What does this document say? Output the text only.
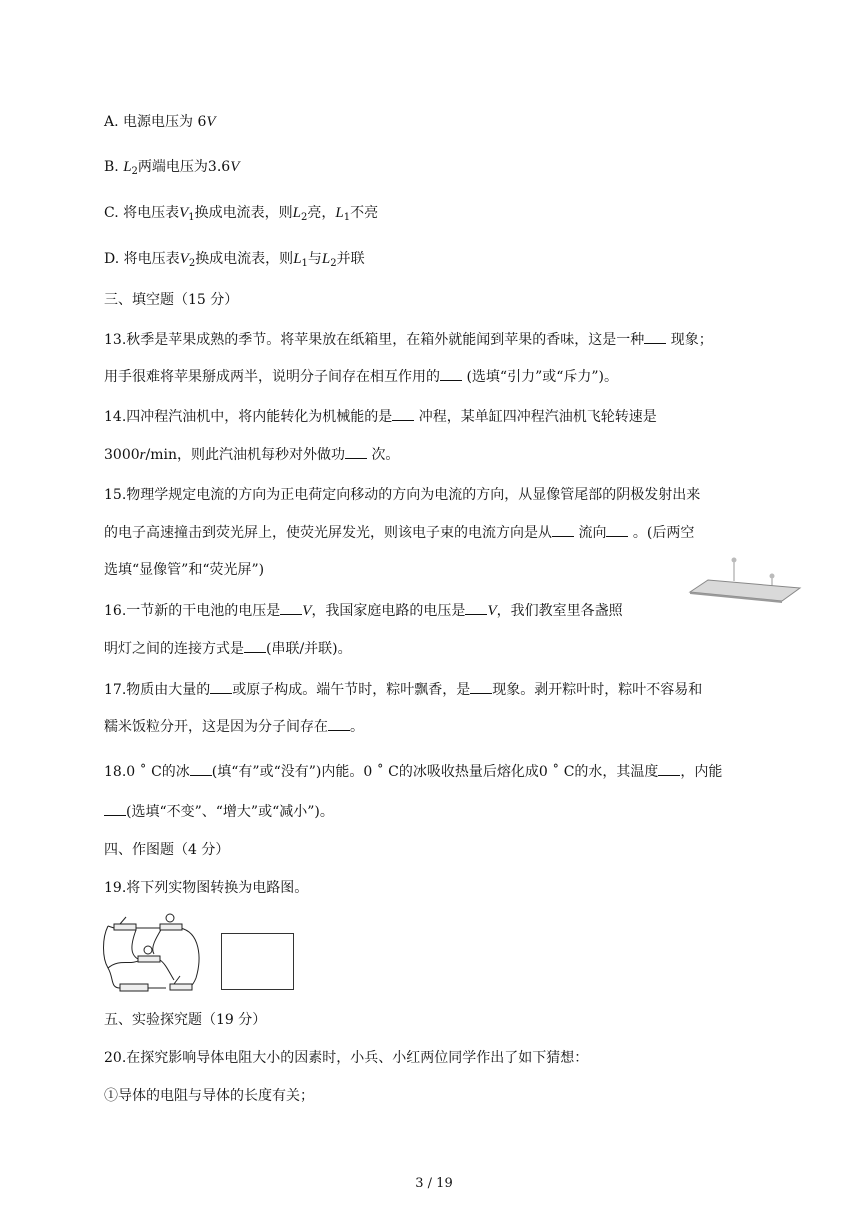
A. 电源电压为 6V
B. $L_2$两端电压为3.6V
C. 将电压表$V_1$换成电流表，则$L_2$亮，$L_1$不亮
D. 将电压表$V_2$换成电流表，则$L_1$与$L_2$并联
三、填空题（15 分）
13.秋季是苹果成熟的季节。将苹果放在纸箱里，在箱外就能闻到苹果的香味，这是一种 现象；
用手很难将苹果掰成两半，说明分子间存在相互作用的 (选填“引力”或“斥力”)。
14.四冲程汽油机中，将内能转化为机械能的是 冲程，某单缸四冲程汽油机飞轮转速是
3000r/min，则此汽油机每秒对外做功 次。
15.物理学规定电流的方向为正电荷定向移动的方向为电流的方向，从显像管尾部的阴极发射出来
的电子高速撞击到荧光屏上，使荧光屏发光，则该电子束的电流方向是从 流向 。(后两空
选填“显像管”和“荧光屏”)
16.一节新的干电池的电压是 V，我国家庭电路的电压是 V，我们教室里各盏照
明灯之间的连接方式是 (串联/并联)。
17.物质由大量的 或原子构成。端午节时，粽叶飘香，是 现象。剥开粽叶时，粽叶不容易和
糯米饭粒分开，这是因为分子间存在 。
18.0 ˚ C的冰 (填“有”或“没有”)内能。0 ˚ C的冰吸收热量后熔化成0 ˚ C的水，其温度 ，内能
(选填“不变”、“增大”或“减小”)。
四、作图题（4 分）
19.将下列实物图转换为电路图。
五、实验探究题（19 分）
20.在探究影响导体电阻大小的因素时，小兵、小红两位同学作出了如下猜想：
①导体的电阻与导体的长度有关；
3 / 19
